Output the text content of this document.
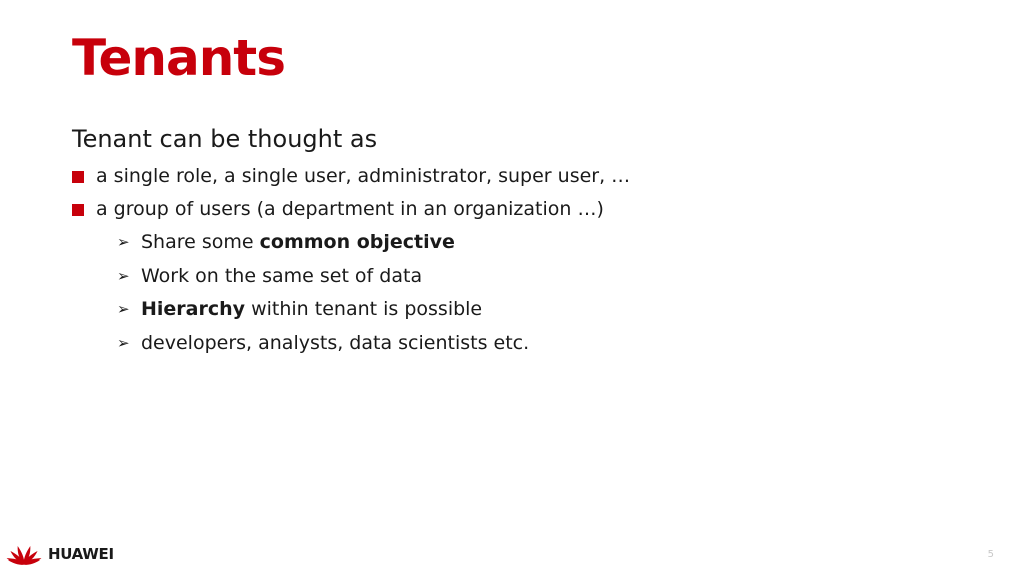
Tenants

Tenant can be thought as

a single role, a single user, administrator, super user, …
a group of users (a department in an organization …)
➢ Share some common objective
➢ Work on the same set of data
➢ Hierarchy within tenant is possible
➢ developers, analysts, data scientists etc.
HUAWEI	5
